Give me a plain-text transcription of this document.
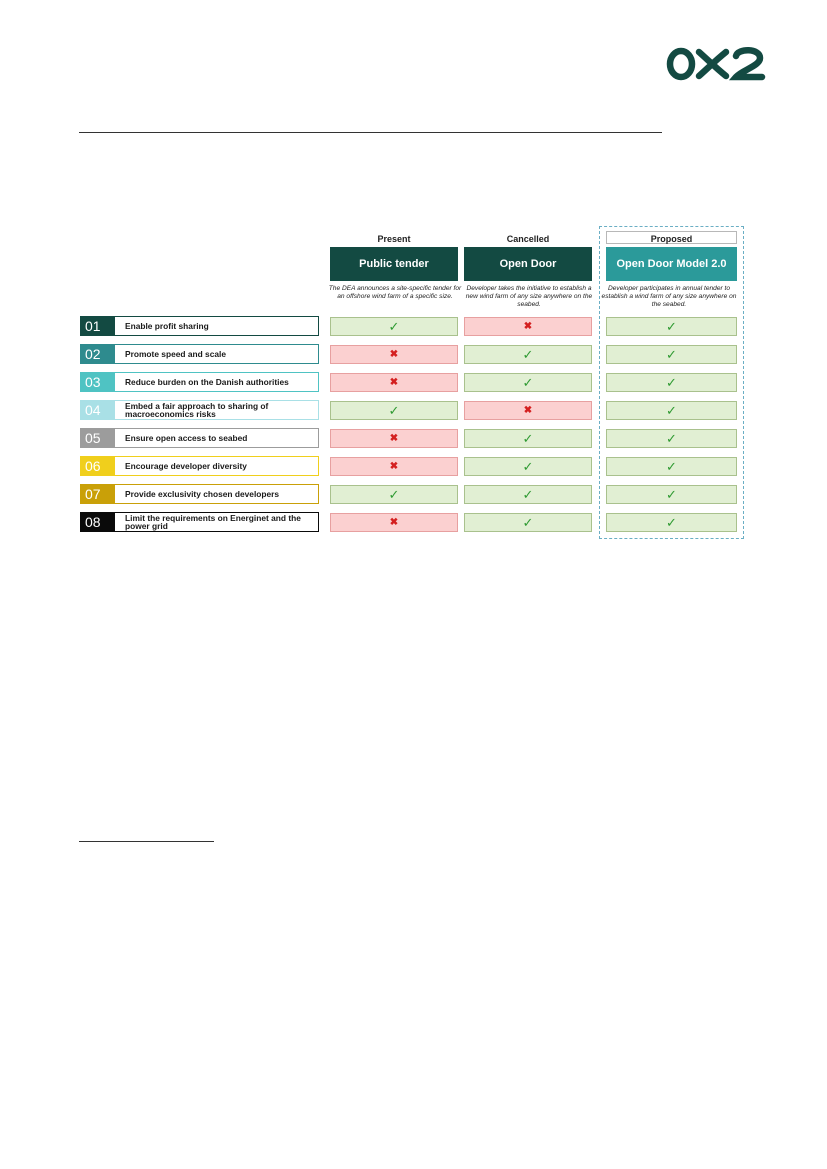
Present
Public tender
The DEA announces a site-specific tender for an offshore wind farm of a specific size.
Cancelled
Open Door
Developer takes the initiative to establish a new wind farm of any size anywhere on the seabed.
Proposed
Open Door Model 2.0
Developer participates in annual tender to establish a wind farm of any size anywhere on the seabed.
01	Enable profit sharing	✓	✖	✓
02	Promote speed and scale	✖	✓	✓
03	Reduce burden on the Danish authorities	✖	✓	✓
04	Embed a fair approach to sharing of macroeconomics risks	✓	✖	✓
05	Ensure open access to seabed	✖	✓	✓
06	Encourage developer diversity	✖	✓	✓
07	Provide exclusivity chosen developers	✓	✓	✓
08	Limit the requirements on Energinet and the power grid	✖	✓	✓
